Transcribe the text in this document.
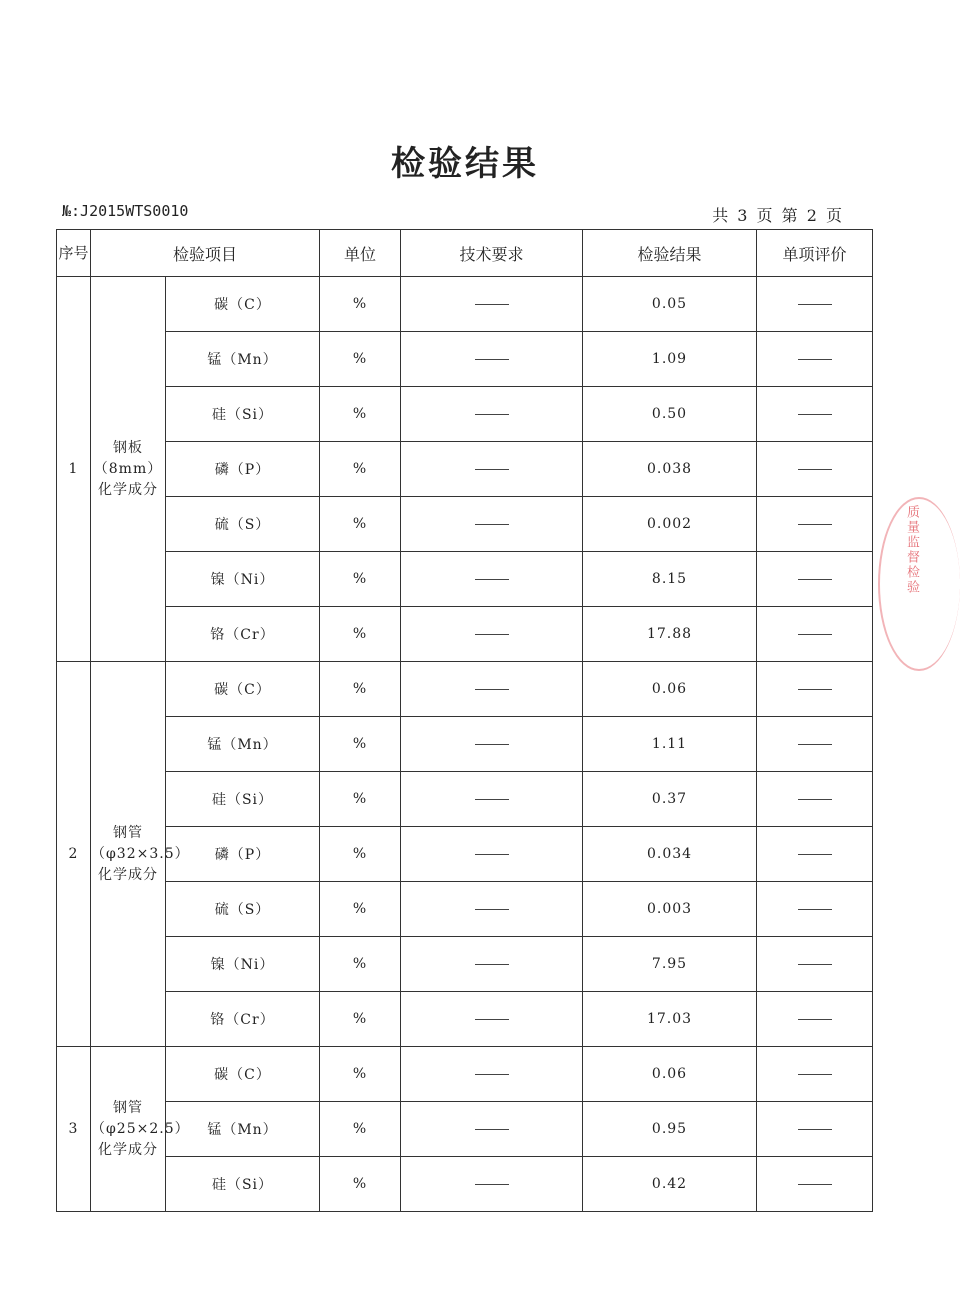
检验结果
№:J2015WTS0010	共 3 页 第 2 页
序号	检验项目		单位	技术要求	检验结果	单项评价
1	钢板（8mm）化学成分	碳（C）	%		0.05	
		锰（Mn）	%		1.09	
		硅（Si）	%		0.50	
		磷（P）	%		0.038	
		硫（S）	%		0.002	
		镍（Ni）	%		8.15	
		铬（Cr）	%		17.88	
2	钢管（φ32×3.5）化学成分	碳（C）	%		0.06	
		锰（Mn）	%		1.11	
		硅（Si）	%		0.37	
		磷（P）	%		0.034	
		硫（S）	%		0.003	
		镍（Ni）	%		7.95	
		铬（Cr）	%		17.03	
3	钢管（φ25×2.5）化学成分	碳（C）	%		0.06	
		锰（Mn）	%		0.95	
		硅（Si）	%		0.42	
质量监督检验
